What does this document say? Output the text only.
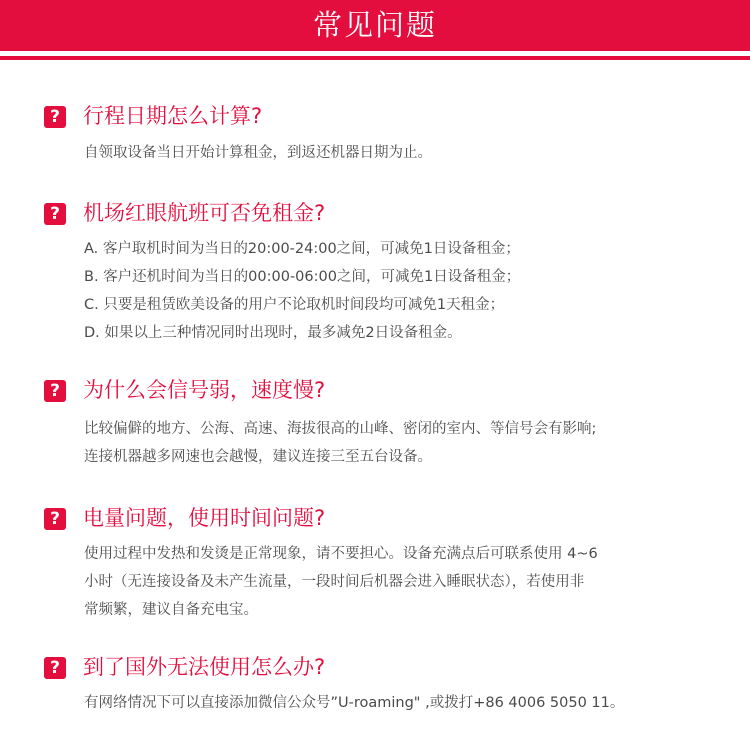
常见问题
? 行程日期怎么计算?
自领取设备当日开始计算租金，到返还机器日期为止。
? 机场红眼航班可否免租金?
A. 客户取机时间为当日的20:00-24:00之间，可减免1日设备租金；
B. 客户还机时间为当日的00:00-06:00之间，可减免1日设备租金；
C. 只要是租赁欧美设备的用户不论取机时间段均可减免1天租金；
D. 如果以上三种情况同时出现时，最多减免2日设备租金。
? 为什么会信号弱，速度慢?
比较偏僻的地方、公海、高速、海拔很高的山峰、密闭的室内、等信号会有影响;
连接机器越多网速也会越慢，建议连接三至五台设备。
? 电量问题，使用时间问题?
使用过程中发热和发烫是正常现象，请不要担心。设备充满点后可联系使用 4~6
小时（无连接设备及未产生流量，一段时间后机器会进入睡眠状态），若使用非
常频繁，建议自备充电宝。
? 到了国外无法使用怎么办?
有网络情况下可以直接添加微信公众号”U-roaming" ,或拨打+86 4006 5050 11。
